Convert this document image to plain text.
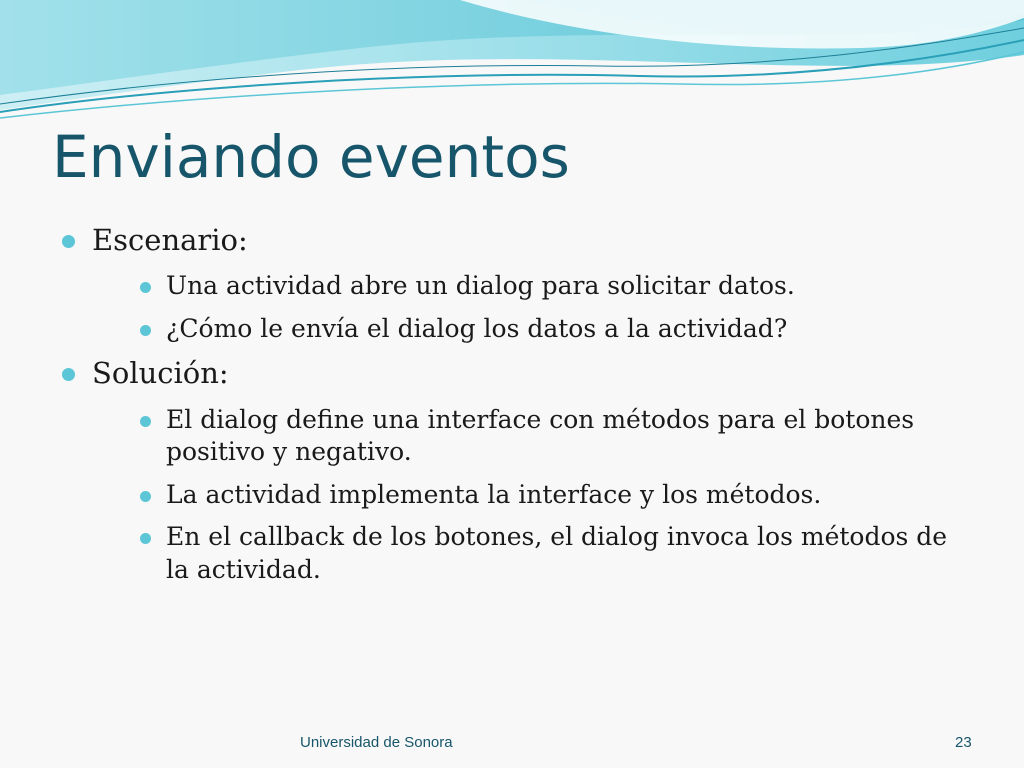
Enviando eventos
Escenario:
Una actividad abre un dialog para solicitar datos.
¿Cómo le envía el dialog los datos a la actividad?
Solución:
El dialog define una interface con métodos para el botones positivo y negativo.
La actividad implementa la interface y los métodos.
En el callback de los botones, el dialog invoca los métodos de la actividad.
Universidad de Sonora	23
